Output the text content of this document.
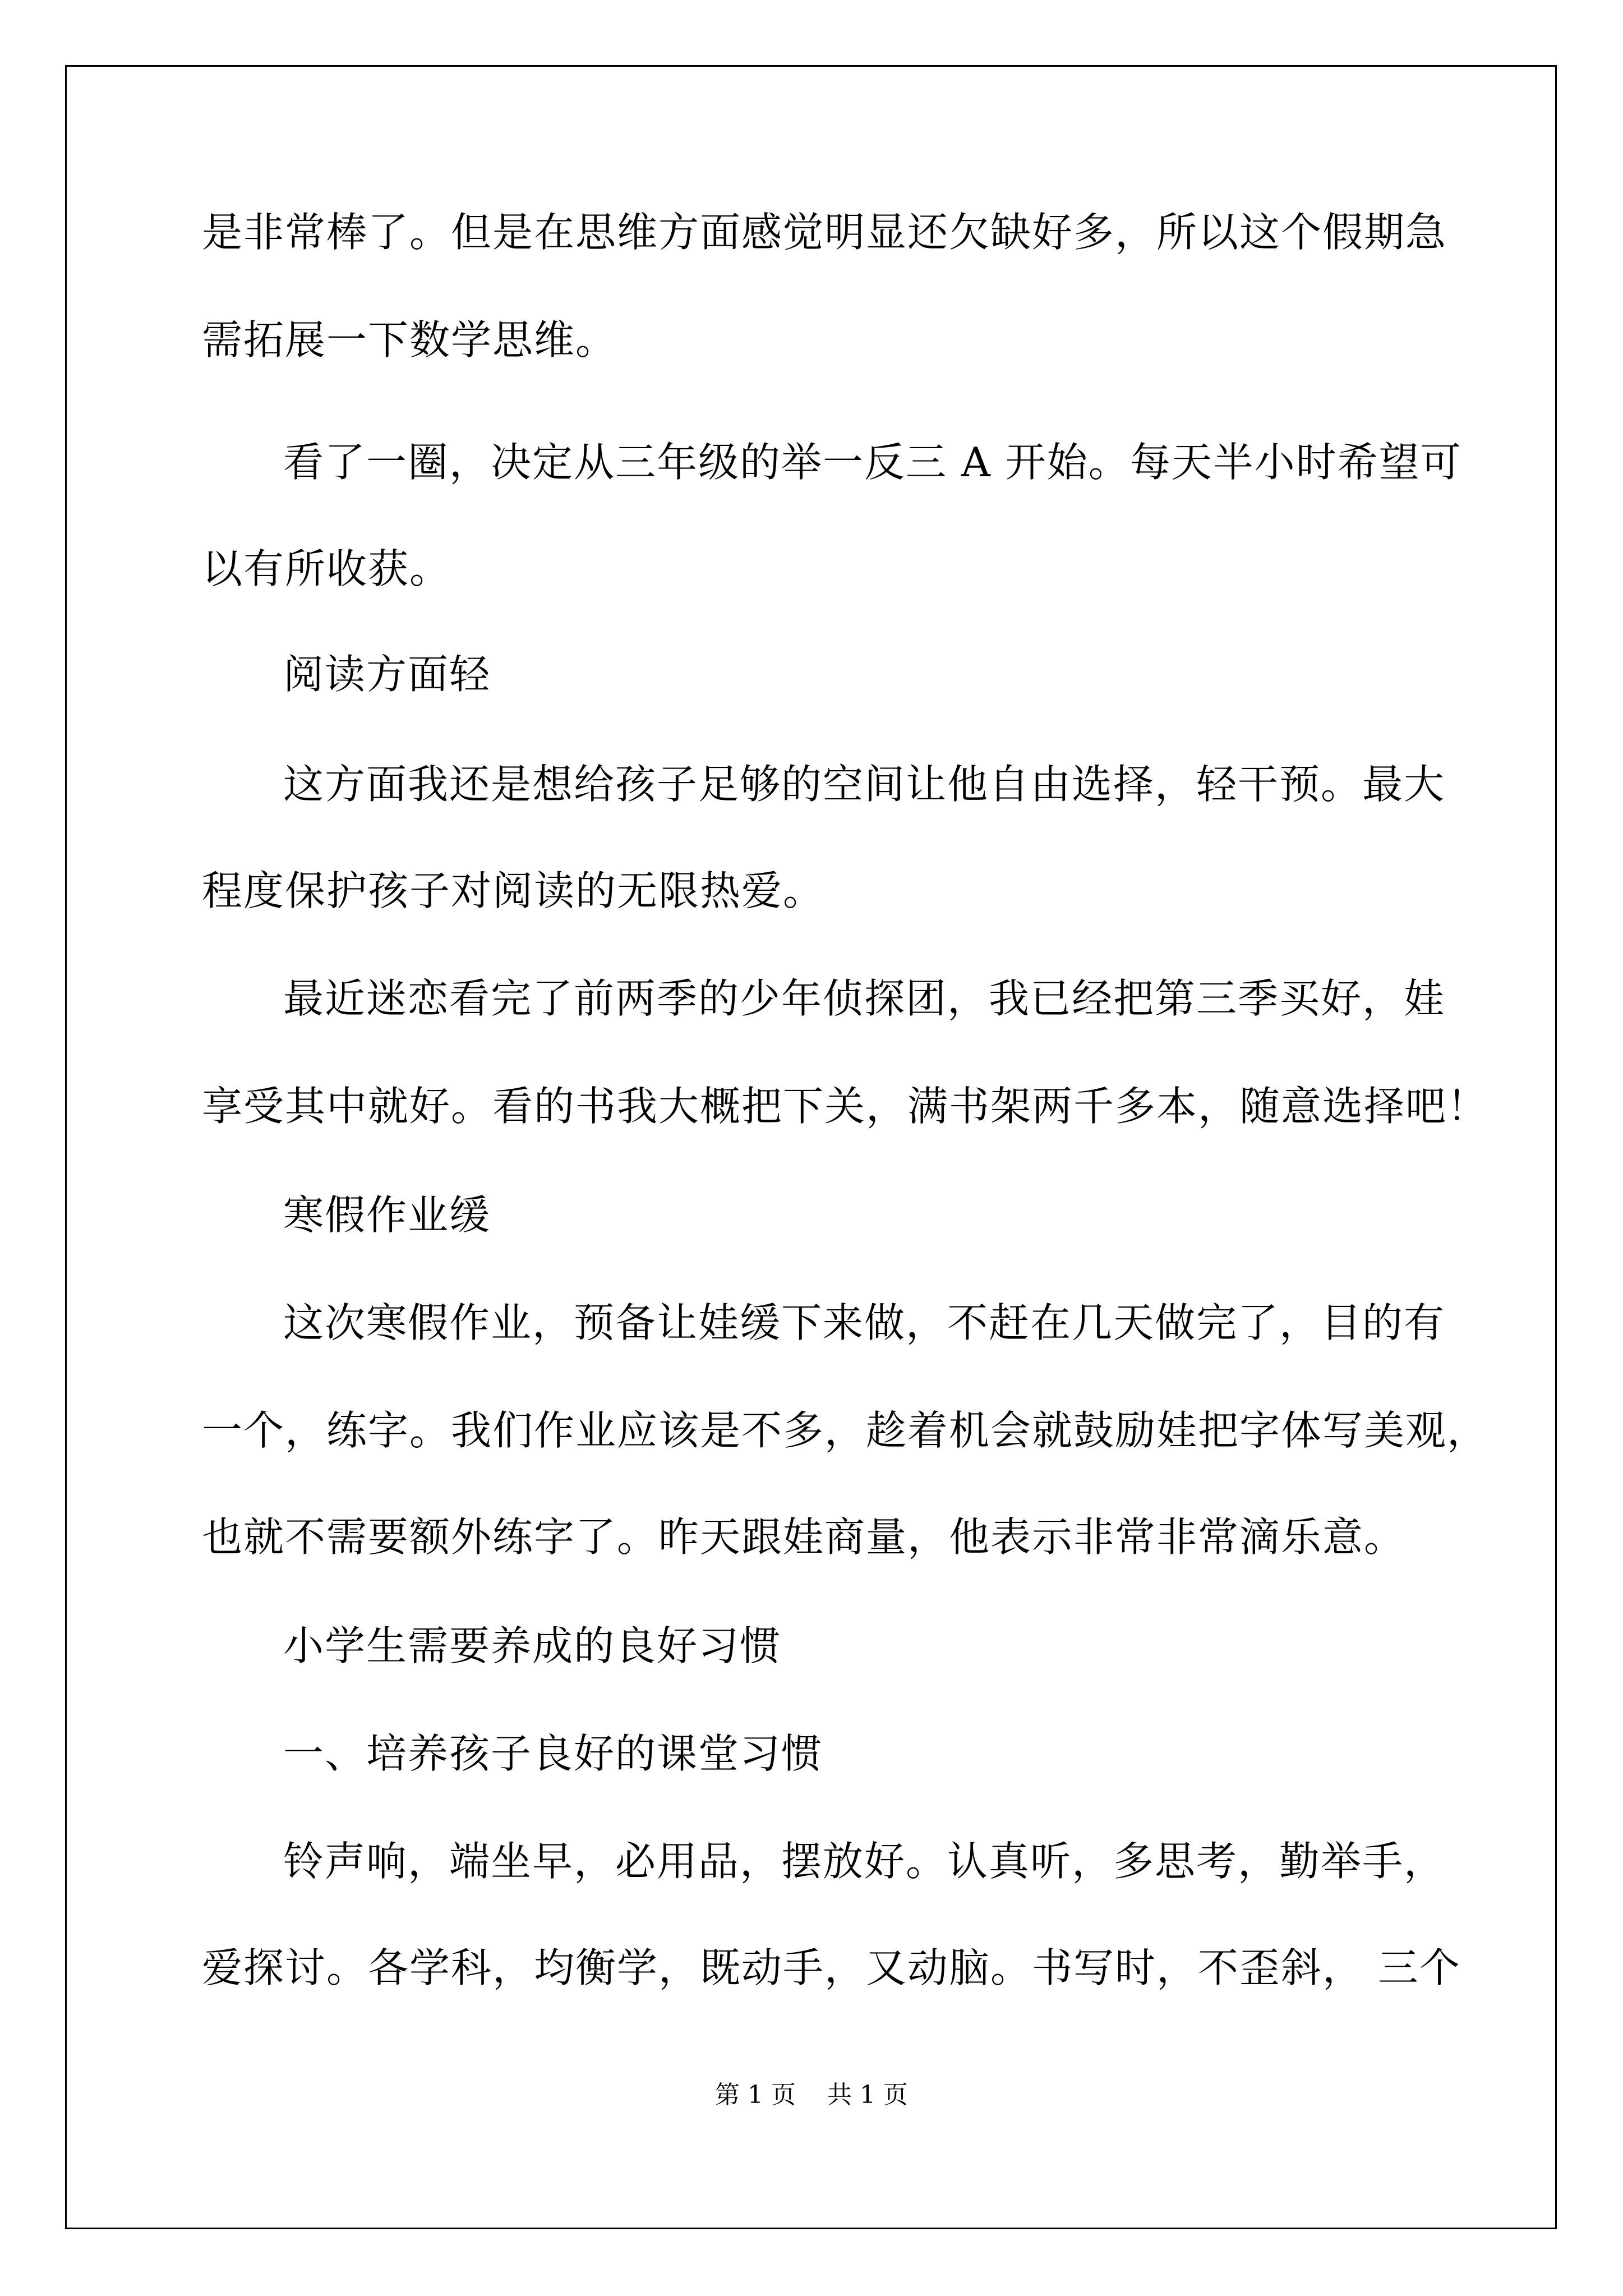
是非常棒了。但是在思维方面感觉明显还欠缺好多，所以这个假期急
需拓展一下数学思维。
看了一圈，决定从三年级的举一反三 A 开始。每天半小时希望可
以有所收获。
阅读方面轻
这方面我还是想给孩子足够的空间让他自由选择，轻干预。最大
程度保护孩子对阅读的无限热爱。
最近迷恋看完了前两季的少年侦探团，我已经把第三季买好，娃
享受其中就好。看的书我大概把下关，满书架两千多本，随意选择吧！
寒假作业缓
这次寒假作业，预备让娃缓下来做，不赶在几天做完了，目的有
一个，练字。我们作业应该是不多，趁着机会就鼓励娃把字体写美观，
也就不需要额外练字了。昨天跟娃商量，他表示非常非常滴乐意。
小学生需要养成的良好习惯
一、培养孩子良好的课堂习惯
铃声响，端坐早，必用品，摆放好。认真听，多思考，勤举手，
爱探讨。各学科，均衡学，既动手，又动脑。书写时，不歪斜， 三个
第 1 页    共 1 页
